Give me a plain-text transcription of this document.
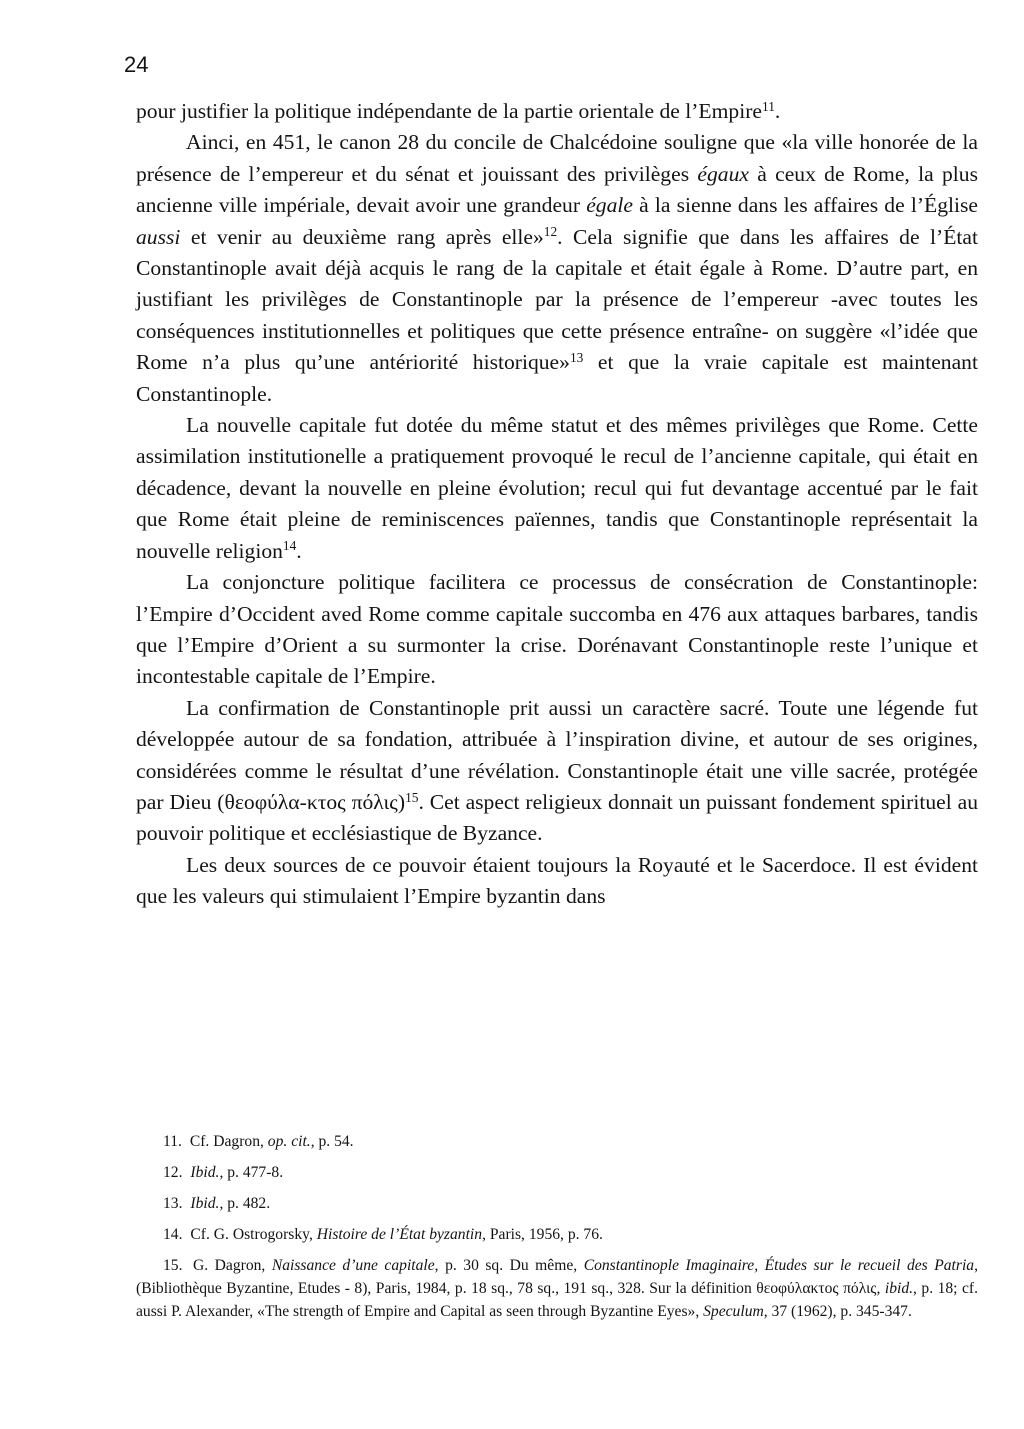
24

pour justifier la politique indépendante de la partie orientale de l’Empire$^{11}$.

Ainci, en 451, le canon 28 du concile de Chalcédoine souligne que «la ville honorée de la présence de l’empereur et du sénat et jouissant des privilèges égaux à ceux de Rome, la plus ancienne ville impériale, devait avoir une grandeur égale à la sienne dans les affaires de l’Église aussi et venir au deuxième rang après elle»$^{12}$. Cela signifie que dans les affaires de l’État Constantinople avait déjà acquis le rang de la capitale et était égale à Rome. D’autre part, en justifiant les privilèges de Constantinople par la présence de l’empereur -avec toutes les conséquences institutionnelles et politiques que cette présence entraîne- on suggère «l’idée que Rome n’a plus qu’une antériorité historique»$^{13}$ et que la vraie capitale est maintenant Constantinople.

La nouvelle capitale fut dotée du même statut et des mêmes privilèges que Rome. Cette assimilation institutionelle a pratiquement provoqué le recul de l’ancienne capitale, qui était en décadence, devant la nouvelle en pleine évolution; recul qui fut devantage accentué par le fait que Rome était pleine de reminiscences païennes, tandis que Constantinople représentait la nouvelle religion$^{14}$.

La conjoncture politique facilitera ce processus de consécration de Constantinople: l’Empire d’Occident aved Rome comme capitale succomba en 476 aux attaques barbares, tandis que l’Empire d’Orient a su surmonter la crise. Dorénavant Constantinople reste l’unique et incontestable capitale de l’Empire.

La confirmation de Constantinople prit aussi un caractère sacré. Toute une légende fut développée autour de sa fondation, attribuée à l’inspiration divine, et autour de ses origines, considérées comme le résultat d’une révélation. Constantinople était une ville sacrée, protégée par Dieu (θεοφύλα-κτος πόλις)$^{15}$. Cet aspect religieux donnait un puissant fondement spirituel au pouvoir politique et ecclésiastique de Byzance.

Les deux sources de ce pouvoir étaient toujours la Royauté et le Sacerdoce. Il est évident que les valeurs qui stimulaient l’Empire byzantin dans

11. Cf. Dagron, op. cit., p. 54.
12. Ibid., p. 477-8.
13. Ibid., p. 482.
14. Cf. G. Ostrogorsky, Histoire de l’État byzantin, Paris, 1956, p. 76.
15. G. Dagron, Naissance d’une capitale, p. 30 sq. Du même, Constantinople Imaginaire, Études sur le recueil des Patria, (Bibliothèque Byzantine, Etudes - 8), Paris, 1984, p. 18 sq., 78 sq., 191 sq., 328. Sur la définition θεοφύλακτος πόλις, ibid., p. 18; cf. aussi P. Alexander, «The strength of Empire and Capital as seen through Byzantine Eyes», Speculum, 37 (1962), p. 345-347.
